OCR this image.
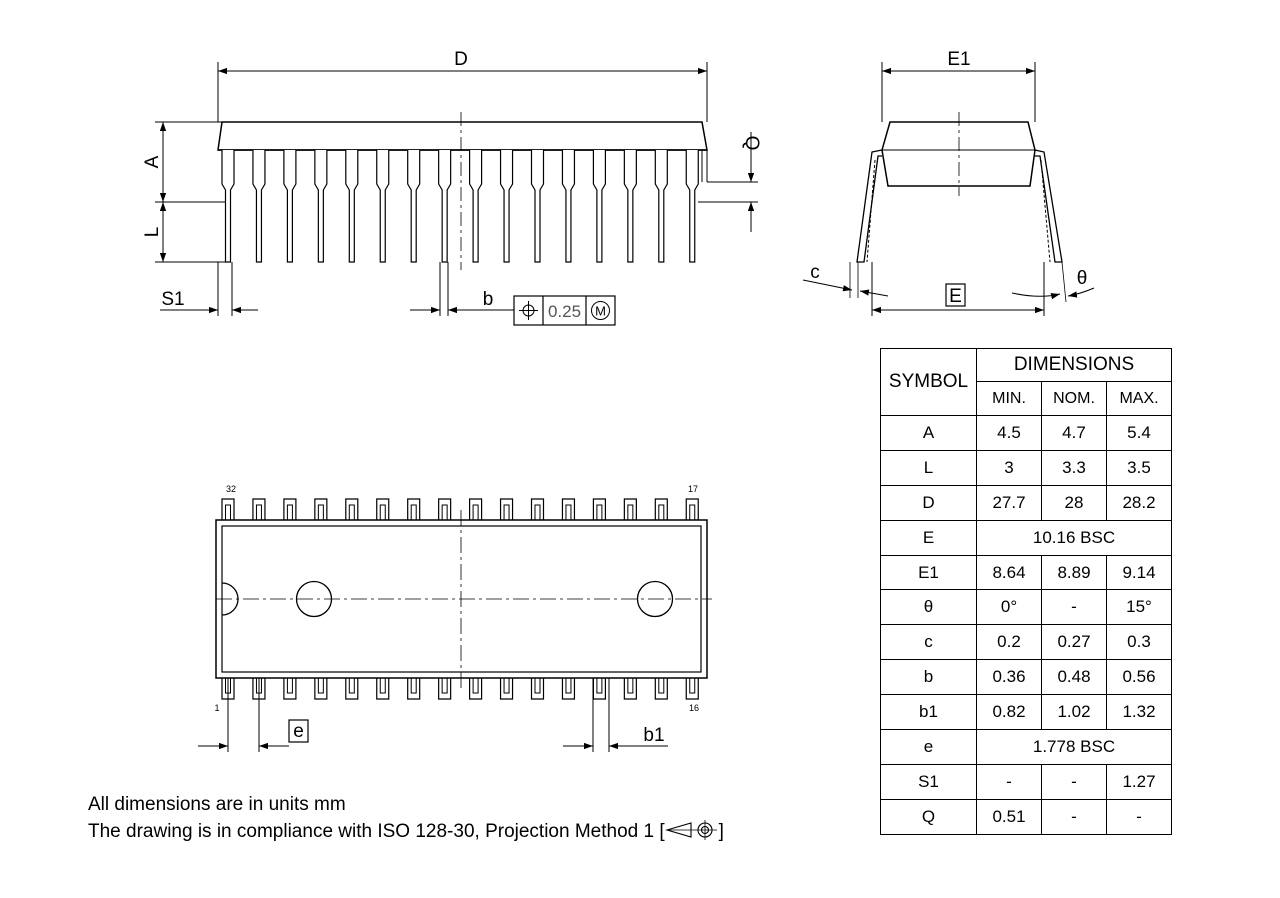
D
A
L
Q
S1	b
0.25 M
E1
E
c	θ
32	17
1	16
e	b1
SYMBOL	DIMENSIONS		
	MIN.	NOM.	MAX.
A	4.5	4.7	5.4
L	3	3.3	3.5
D	27.7	28	28.2
E	10.16 BSC		
E1	8.64	8.89	9.14
θ	0°	-	15°
c	0.2	0.27	0.3
b	0.36	0.48	0.56
b1	0.82	1.02	1.32
e	1.778 BSC		
S1	-	-	1.27
Q	0.51	-	-
All dimensions are in units mm
The drawing is in compliance with ISO 128-30, Projection Method 1 [	]
